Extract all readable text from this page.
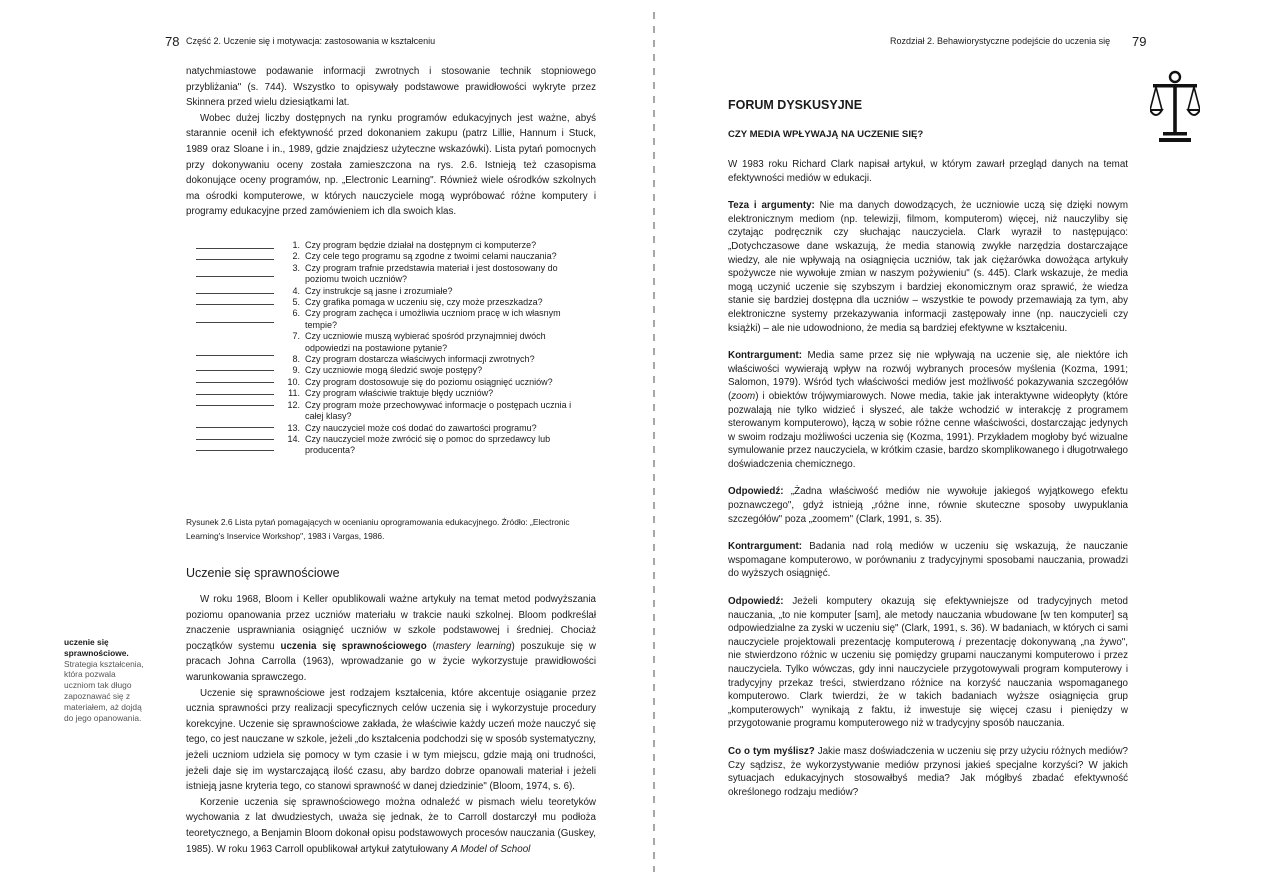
78 Część 2. Uczenie się i motywacja: zastosowania w kształceniu

natychmiastowe podawanie informacji zwrotnych i stosowanie technik stopniowego przybliżania" (s. 744). Wszystko to opisywały podstawowe prawidłowości wykryte przez Skinnera przed wielu dziesiątkami lat.

Wobec dużej liczby dostępnych na rynku programów edukacyjnych jest ważne, abyś starannie ocenił ich efektywność przed dokonaniem zakupu (patrz Lillie, Hannum i Stuck, 1989 oraz Sloane i in., 1989, gdzie znajdziesz użyteczne wskazówki). Lista pytań pomocnych przy dokonywaniu oceny została zamieszczona na rys. 2.6. Istnieją też czasopisma dokonujące oceny programów, np. „Electronic Learning". Również wiele ośrodków szkolnych ma ośrodki komputerowe, w których nauczyciele mogą wypróbować różne komputery i programy edukacyjne przed zamówieniem ich dla swoich klas.

1. Czy program będzie działał na dostępnym ci komputerze?
2. Czy cele tego programu są zgodne z twoimi celami nauczania?
3. Czy program trafnie przedstawia materiał i jest dostosowany do poziomu twoich uczniów?
4. Czy instrukcje są jasne i zrozumiałe?
5. Czy grafika pomaga w uczeniu się, czy może przeszkadza?
6. Czy program zachęca i umożliwia uczniom pracę w ich własnym tempie?
7. Czy uczniowie muszą wybierać spośród przynajmniej dwóch odpowiedzi na postawione pytanie?
8. Czy program dostarcza właściwych informacji zwrotnych?
9. Czy uczniowie mogą śledzić swoje postępy?
10. Czy program dostosowuje się do poziomu osiągnięć uczniów?
11. Czy program właściwie traktuje błędy uczniów?
12. Czy program może przechowywać informacje o postępach ucznia i całej klasy?
13. Czy nauczyciel może coś dodać do zawartości programu?
14. Czy nauczyciel może zwrócić się o pomoc do sprzedawcy lub producenta?
Rysunek 2.6 Lista pytań pomagających w ocenianiu oprogramowania edukacyjnego. Źródło: „Electronic Learning's Inservice Workshop", 1983 i Vargas, 1986.
Uczenie się sprawnościowe
uczenie się sprawnościowe. Strategia kształcenia, która pozwala uczniom tak długo zapoznawać się z materiałem, aż dojdą do jego opanowania.

W roku 1968, Bloom i Keller opublikowali ważne artykuły na temat metod podwyższania poziomu opanowania przez uczniów materiału w trakcie nauki szkolnej. Bloom podkreślał znaczenie usprawniania osiągnięć uczniów w szkole podstawowej i średniej. Chociaż początków systemu uczenia się sprawnościowego (mastery learning) poszukuje się w pracach Johna Carrolla (1963), wprowadzanie go w życie wykorzystuje prawidłowości warunkowania sprawczego.

Uczenie się sprawnościowe jest rodzajem kształcenia, które akcentuje osiąganie przez ucznia sprawności przy realizacji specyficznych celów uczenia się i wykorzystuje procedury korekcyjne. Uczenie się sprawnościowe zakłada, że właściwie każdy uczeń może nauczyć się tego, co jest nauczane w szkole, jeżeli „do kształcenia podchodzi się w sposób systematyczny, jeżeli uczniom udziela się pomocy w tym czasie i w tym miejscu, gdzie mają oni trudności, jeżeli daje się im wystarczającą ilość czasu, aby bardzo dobrze opanowali materiał i jeżeli istnieją jasne kryteria tego, co stanowi sprawność w danej dziedzinie" (Bloom, 1974, s. 6).

Korzenie uczenia się sprawnościowego można odnaleźć w pismach wielu teoretyków wychowania z lat dwudziestych, uważa się jednak, że to Carroll dostarczył mu podłoża teoretycznego, a Benjamin Bloom dokonał opisu podstawowych procesów nauczania (Guskey, 1985). W roku 1963 Carroll opublikował artykuł zatytułowany A Model of School

Rozdział 2. Behawiorystyczne podejście do uczenia się 79
FORUM DYSKUSYJNE
CZY MEDIA WPŁYWAJĄ NA UCZENIE SIĘ?

W 1983 roku Richard Clark napisał artykuł, w którym zawarł przegląd danych na temat efektywności mediów w edukacji.

Teza i argumenty: Nie ma danych dowodzących, że uczniowie uczą się dzięki nowym elektronicznym mediom (np. telewizji, filmom, komputerom) więcej, niż nauczyliby się czytając podręcznik czy słuchając nauczyciela. Clark wyraził to następująco: „Dotychczasowe dane wskazują, że media stanowią zwykłe narzędzia dostarczające wiedzy, ale nie wpływają na osiągnięcia uczniów, tak jak ciężarówka dowożąca artykuły spożywcze nie wywołuje zmian w naszym pożywieniu" (s. 445). Clark wskazuje, że media mogą uczynić uczenie się szybszym i bardziej ekonomicznym oraz sprawić, że wiedza stanie się bardziej dostępna dla uczniów – wszystkie te powody przemawiają za tym, aby elektroniczne systemy przekazywania informacji zastępowały inne (np. nauczycieli czy książki) – ale nie udowodniono, że media są bardziej efektywne w kształceniu.

Kontrargument: Media same przez się nie wpływają na uczenie się, ale niektóre ich właściwości wywierają wpływ na rozwój wybranych procesów myślenia (Kozma, 1991; Salomon, 1979). Wśród tych właściwości mediów jest możliwość pokazywania szczegółów (zoom) i obiektów trójwymiarowych. Nowe media, takie jak interaktywne wideopłyty (które pozwalają nie tylko widzieć i słyszeć, ale także wchodzić w interakcję z programem sterowanym komputerowo), łączą w sobie różne cenne właściwości, dostarczając jedynych w swoim rodzaju możliwości uczenia się (Kozma, 1991). Przykładem mogłoby być wizualne symulowanie przez nauczyciela, w krótkim czasie, bardzo skomplikowanego i długotrwałego doświadczenia chemicznego.

Odpowiedź: „Żadna właściwość mediów nie wywołuje jakiegoś wyjątkowego efektu poznawczego", gdyż istnieją „różne inne, równie skuteczne sposoby uwypuklania szczegółów" poza „zoomem" (Clark, 1991, s. 35).

Kontrargument: Badania nad rolą mediów w uczeniu się wskazują, że nauczanie wspomagane komputerowo, w porównaniu z tradycyjnymi sposobami nauczania, prowadzi do wyższych osiągnięć.

Odpowiedź: Jeżeli komputery okazują się efektywniejsze od tradycyjnych metod nauczania, „to nie komputer [sam], ale metody nauczania wbudowane [w ten komputer] są odpowiedzialne za zyski w uczeniu się" (Clark, 1991, s. 36). W badaniach, w których ci sami nauczyciele projektowali prezentację komputerową i prezentację dokonywaną „na żywo", nie stwierdzono różnic w uczeniu się pomiędzy grupami nauczanymi komputerowo i przez nauczyciela. Tylko wówczas, gdy inni nauczyciele przygotowywali program komputerowy i tradycyjny przekaz treści, stwierdzano różnice na korzyść nauczania wspomaganego komputerowo. Clark twierdzi, że w takich badaniach wyższe osiągnięcia grup „komputerowych" wynikają z faktu, iż inwestuje się więcej czasu i pieniędzy w przygotowanie programu komputerowego niż w tradycyjny sposób nauczania.

Co o tym myślisz? Jakie masz doświadczenia w uczeniu się przy użyciu różnych mediów? Czy sądzisz, że wykorzystywanie mediów przynosi jakieś specjalne korzyści? W jakich sytuacjach edukacyjnych stosowałbyś media? Jak mógłbyś zbadać efektywność określonego rodzaju mediów?
